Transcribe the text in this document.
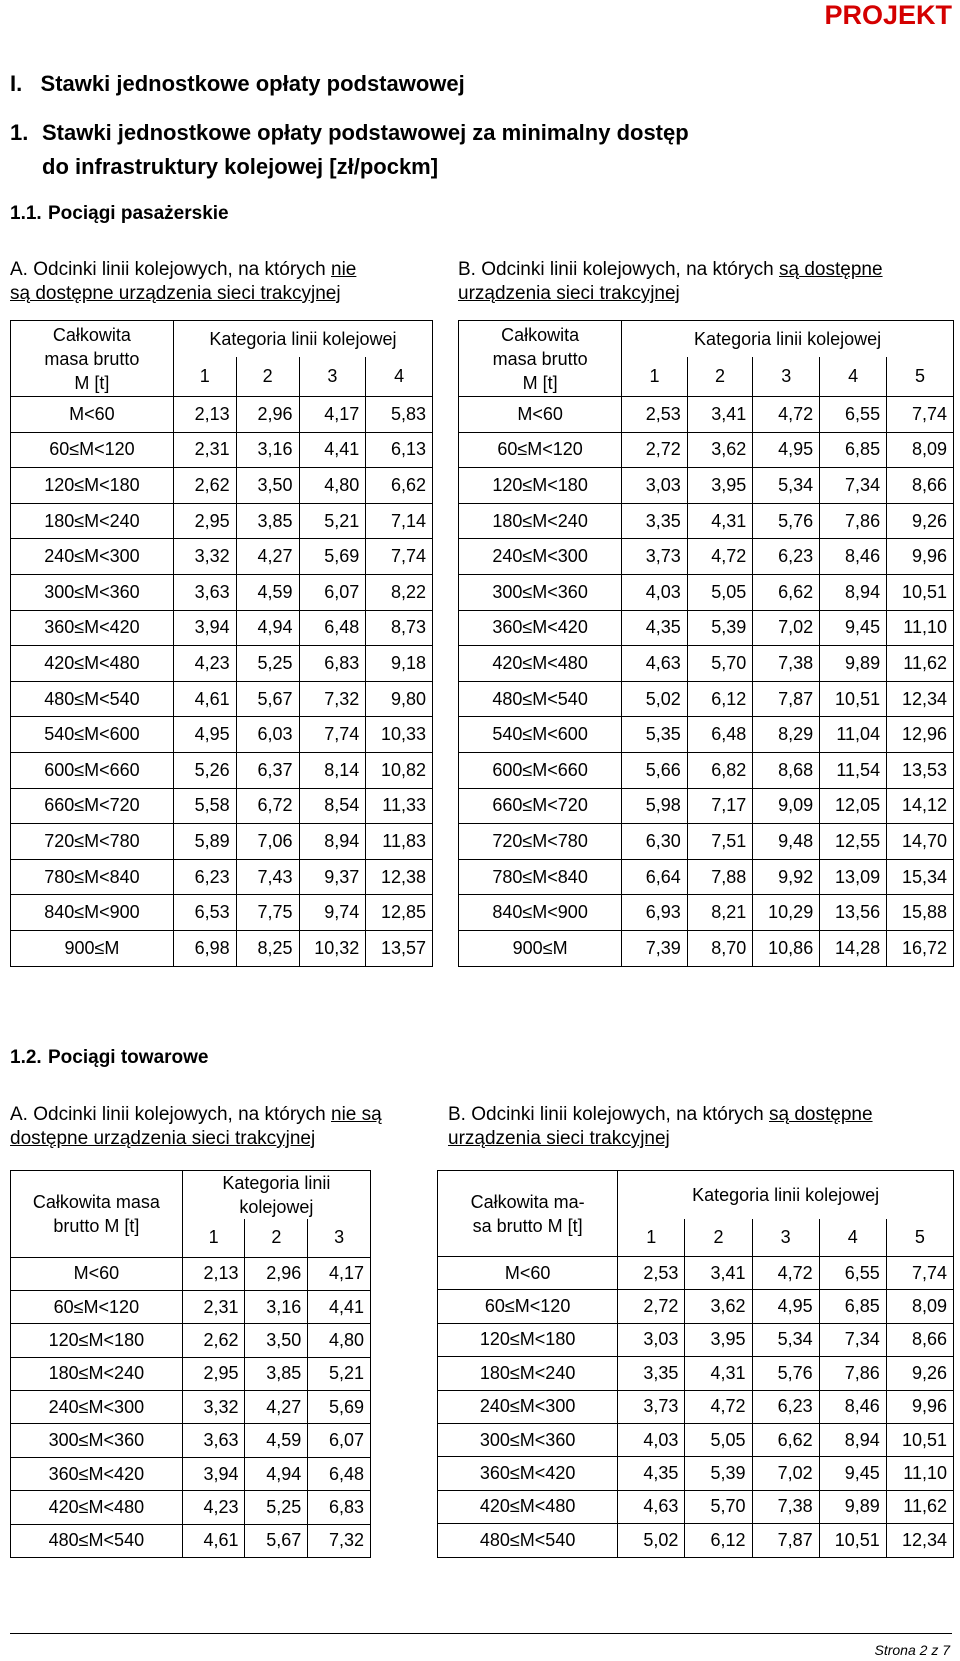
PROJEKT
I.   Stawki jednostkowe opłaty podstawowej
1. Stawki jednostkowe opłaty podstawowej za minimalny dostęp
do infrastruktury kolejowej [zł/pockm]
1.1. Pociągi pasażerskie
A. Odcinki linii kolejowych, na których nie
są dostępne urządzenia sieci trakcyjnej
B. Odcinki linii kolejowych, na których są dostępne
urządzenia sieci trakcyjnej
Całkowita
masa brutto
M [t]	Kategoria linii kolejowej			
	1	2	3	4
M<60	2,13	2,96	4,17	5,83
60≤M<120	2,31	3,16	4,41	6,13
120≤M<180	2,62	3,50	4,80	6,62
180≤M<240	2,95	3,85	5,21	7,14
240≤M<300	3,32	4,27	5,69	7,74
300≤M<360	3,63	4,59	6,07	8,22
360≤M<420	3,94	4,94	6,48	8,73
420≤M<480	4,23	5,25	6,83	9,18
480≤M<540	4,61	5,67	7,32	9,80
540≤M<600	4,95	6,03	7,74	10,33
600≤M<660	5,26	6,37	8,14	10,82
660≤M<720	5,58	6,72	8,54	11,33
720≤M<780	5,89	7,06	8,94	11,83
780≤M<840	6,23	7,43	9,37	12,38
840≤M<900	6,53	7,75	9,74	12,85
900≤M	6,98	8,25	10,32	13,57
Całkowita
masa brutto
M [t]	Kategoria linii kolejowej				
	1	2	3	4	5
M<60	2,53	3,41	4,72	6,55	7,74
60≤M<120	2,72	3,62	4,95	6,85	8,09
120≤M<180	3,03	3,95	5,34	7,34	8,66
180≤M<240	3,35	4,31	5,76	7,86	9,26
240≤M<300	3,73	4,72	6,23	8,46	9,96
300≤M<360	4,03	5,05	6,62	8,94	10,51
360≤M<420	4,35	5,39	7,02	9,45	11,10
420≤M<480	4,63	5,70	7,38	9,89	11,62
480≤M<540	5,02	6,12	7,87	10,51	12,34
540≤M<600	5,35	6,48	8,29	11,04	12,96
600≤M<660	5,66	6,82	8,68	11,54	13,53
660≤M<720	5,98	7,17	9,09	12,05	14,12
720≤M<780	6,30	7,51	9,48	12,55	14,70
780≤M<840	6,64	7,88	9,92	13,09	15,34
840≤M<900	6,93	8,21	10,29	13,56	15,88
900≤M	7,39	8,70	10,86	14,28	16,72
1.2. Pociągi towarowe
A. Odcinki linii kolejowych, na których nie są
dostępne urządzenia sieci trakcyjnej
B. Odcinki linii kolejowych, na których są dostępne
urządzenia sieci trakcyjnej
Całkowita masa
brutto M [t]	Kategoria linii
kolejowej		
	1	2	3
M<60	2,13	2,96	4,17
60≤M<120	2,31	3,16	4,41
120≤M<180	2,62	3,50	4,80
180≤M<240	2,95	3,85	5,21
240≤M<300	3,32	4,27	5,69
300≤M<360	3,63	4,59	6,07
360≤M<420	3,94	4,94	6,48
420≤M<480	4,23	5,25	6,83
480≤M<540	4,61	5,67	7,32
Całkowita ma-
sa brutto M [t]	Kategoria linii kolejowej				
	1	2	3	4	5
M<60	2,53	3,41	4,72	6,55	7,74
60≤M<120	2,72	3,62	4,95	6,85	8,09
120≤M<180	3,03	3,95	5,34	7,34	8,66
180≤M<240	3,35	4,31	5,76	7,86	9,26
240≤M<300	3,73	4,72	6,23	8,46	9,96
300≤M<360	4,03	5,05	6,62	8,94	10,51
360≤M<420	4,35	5,39	7,02	9,45	11,10
420≤M<480	4,63	5,70	7,38	9,89	11,62
480≤M<540	5,02	6,12	7,87	10,51	12,34
Strona 2 z 7
